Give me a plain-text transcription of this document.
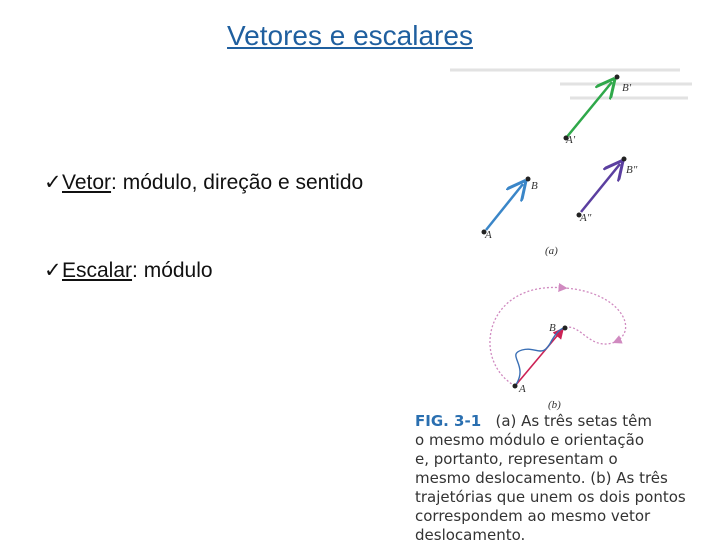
Vetores e escalares
✓Vetor: módulo, direção e sentido
✓Escalar: módulo
B'
A'
B"
A"
B
A
(a)
B
A
(b)
FIG. 3-1 (a) As três setas têm
o mesmo módulo e orientação
e, portanto, representam o
mesmo deslocamento. (b) As três
trajetórias que unem os dois pontos
correspondem ao mesmo vetor
deslocamento.
